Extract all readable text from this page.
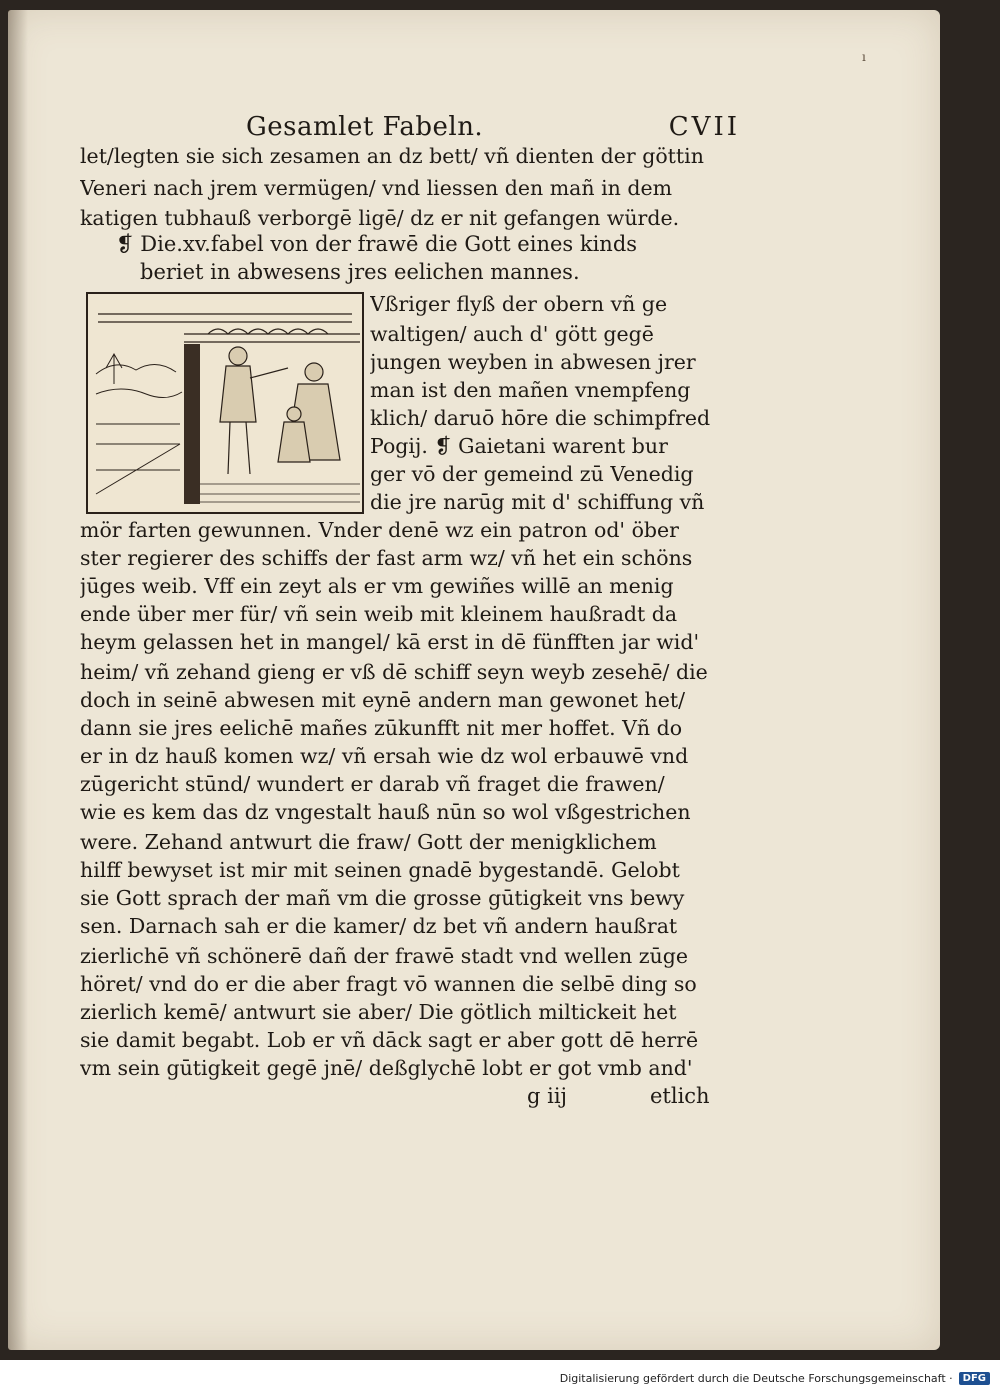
ı
Gesamlet Fabeln.	CVII
let/legten sie sich zesamen an dz bett/ vñ dienten der göttin
Veneri nach jrem vermügen/ vnd liessen den mañ in dem
katigen tubhauß verborgē ligē/ dz er nit gefangen würde.
❡ Die.xv.fabel von der frawē die Gott eines kinds
beriet in abwesens jres eelichen mannes.
Vßriger flyß der obern vñ ge
waltigen/ auch d' gött gegē
jungen weyben in abwesen jrer
man ist den mañen vnempfeng
klich/ daruō hōre die schimpfred
Pogij. ❡ Gaietani warent bur
ger vō der gemeind zū Venedig
die jre narūg mit d' schiffung vñ
mör farten gewunnen. Vnder denē wz ein patron od' öber
ster regierer des schiffs der fast arm wz/ vñ het ein schöns
jūges weib. Vff ein zeyt als er vm gewiñes willē an menig
ende über mer für/ vñ sein weib mit kleinem haußradt da
heym gelassen het in mangel/ kā erst in dē fünfften jar wid'
heim/ vñ zehand gieng er vß dē schiff seyn weyb zesehē/ die
doch in seinē abwesen mit eynē andern man gewonet het/
dann sie jres eelichē mañes zūkunfft nit mer hoffet. Vñ do
er in dz hauß komen wz/ vñ ersah wie dz wol erbauwē vnd
zūgericht stūnd/ wundert er darab vñ fraget die frawen/
wie es kem das dz vngestalt hauß nūn so wol vßgestrichen
were. Zehand antwurt die fraw/ Gott der menigklichem
hilff bewyset ist mir mit seinen gnadē bygestandē. Gelobt
sie Gott sprach der mañ vm die grosse gūtigkeit vns bewy
sen. Darnach sah er die kamer/ dz bet vñ andern haußrat
zierlichē vñ schönerē dañ der frawē stadt vnd wellen zūge
höret/ vnd do er die aber fragt vō wannen die selbē ding so
zierlich kemē/ antwurt sie aber/ Die götlich miltickeit het
sie damit begabt. Lob er vñ dāck sagt er aber gott dē herrē
vm sein gūtigkeit gegē jnē/ deßglychē lobt er got vmb and'
g iij	etlich
Digitalisierung gefördert durch die Deutsche Forschungsgemeinschaft ·	DFG
